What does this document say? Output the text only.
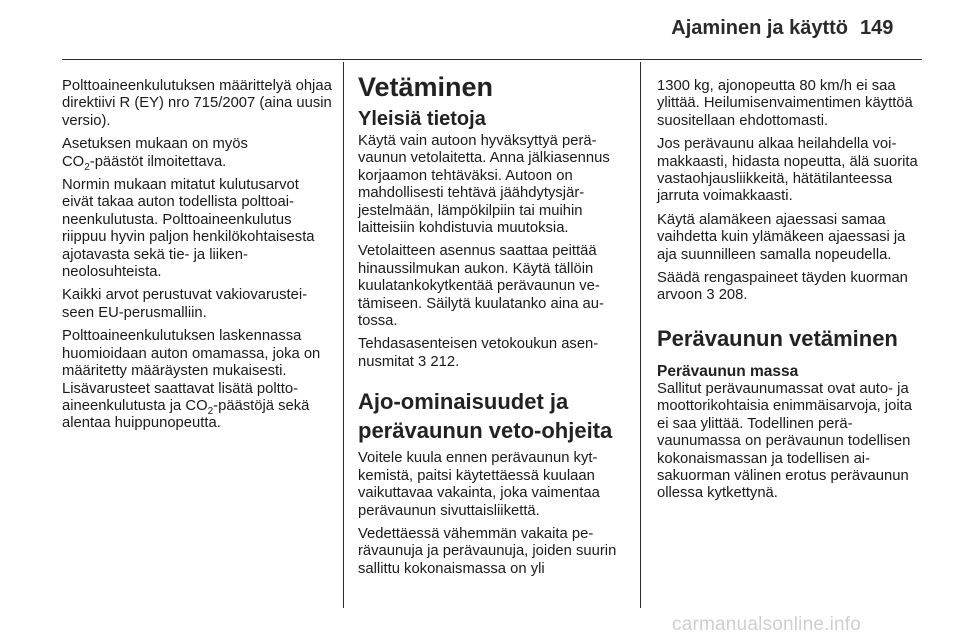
Ajaminen ja käyttö 149

Polttoaineenkulutuksen määrittelyä ohjaa direktiivi R (EY) nro 715/2007 (aina uusin versio).

Asetuksen mukaan on myös
$CO_2$-päästöt ilmoitettava.

Normin mukaan mitatut kulutusarvot eivät takaa auton todellista polttoaineenkulutusta. Polttoaineenkulutus riippuu hyvin paljon henkilökohtaisesta ajotavasta sekä tie- ja liikenneolosuhteista.

Kaikki arvot perustuvat vakiovarusteiseen EU-perusmalliin.

Polttoaineenkulutuksen laskennassa huomioidaan auton omamassa, joka on määritetty määräysten mukaisesti. Lisävarusteet saattavat lisätä polttoaineenkulutusta ja $CO_2$-päästöjä sekä alentaa huippunopeutta.

Vetäminen
Yleisiä tietoja

Käytä vain autoon hyväksyttyä perävaunun vetolaitetta. Anna jälkiasennus korjaamon tehtäväksi. Autoon on mahdollisesti tehtävä jäähdytysjärjestelmään, lämpökilpiin tai muihin laitteisiin kohdistuvia muutoksia.

Vetolaitteen asennus saattaa peittää hinaussilmukan aukon. Käytä tällöin kuulatankokytkentää perävaunun vetämiseen. Säilytä kuulatanko aina autossa.

Tehdasasenteisen vetokoukun asennusmitat 3 212.

Ajo-ominaisuudet ja perävaunun veto-ohjeita

Voitele kuula ennen perävaunun kytkemistä, paitsi käytettäessä kuulaan vaikuttavaa vakainta, joka vaimentaa perävaunun sivuttaisliikettä.

Vedettäessä vähemmän vakaita perävaunuja ja perävaunuja, joiden suurin sallittu kokonaismassa on yli

1300 kg, ajonopeutta 80 km/h ei saa ylittää. Heilumisenvaimentimen käyttöä suositellaan ehdottomasti.

Jos perävaunu alkaa heilahdella voimakkaasti, hidasta nopeutta, älä suorita vastaohjausliikkeitä, hätätilanteessa jarruta voimakkaasti.

Käytä alamäkeen ajaessasi samaa vaihdetta kuin ylämäkeen ajaessasi ja aja suunnilleen samalla nopeudella.

Säädä rengaspaineet täyden kuorman arvoon 3 208.

Perävaunun vetäminen
Perävaunun massa

Sallitut perävaunumassat ovat auto- ja moottorikohtaisia enimmäisarvoja, joita ei saa ylittää. Todellinen perävaunumassa on perävaunun todellisen kokonaismassan ja todellisen aisakuorman välinen erotus perävaunun ollessa kytkettynä.

carmanualsonline.info
